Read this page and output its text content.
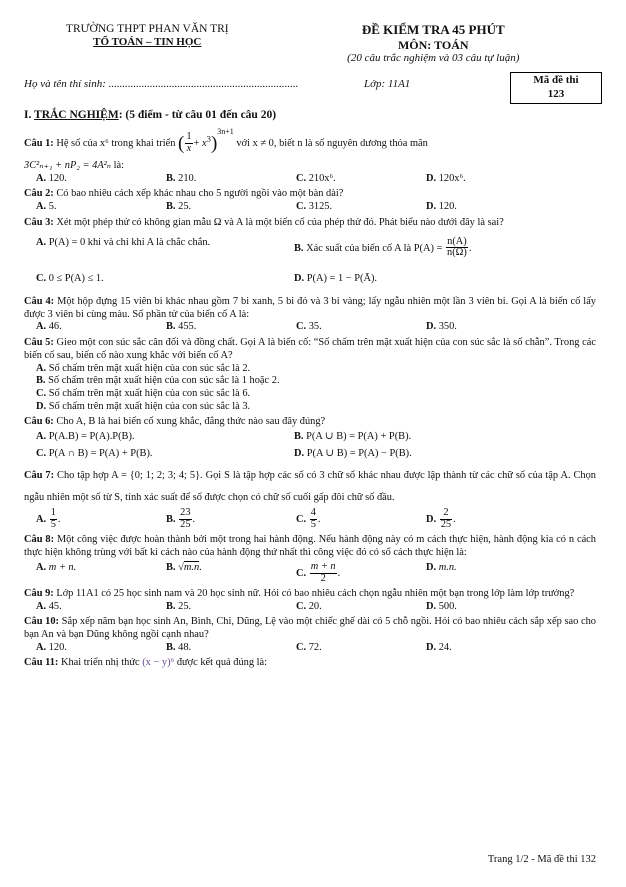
TRƯỜNG THPT PHAN VĂN TRỊ
TỔ TOÁN – TIN HỌC
ĐỀ KIỂM TRA 45 PHÚT
MÔN: TOÁN
(20 câu trắc nghiệm và 03 câu tự luận)
Họ và tên thí sinh: .....................................................................	Lớp: 11A1	Mã đề thi
123
I. TRẮC NGHIỆM: (5 điểm - từ câu 01 đến câu 20)
Câu 1: Hệ số của x⁶ trong khai triển ( $\frac{1}{x} + x^3)^{3n+1}$ với x ≠ 0, biết n là số nguyên dương thỏa mãn
3C²ₙ₊₁ + nP₂ = 4A²ₙ là:
A. 120.	B. 210.	C. 210x⁶.	D. 120x⁶.
Câu 2: Có bao nhiêu cách xếp khác nhau cho 5 người ngồi vào một bàn dài?
A. 5.	B. 25.	C. 3125.	D. 120.
Câu 3: Xét một phép thử có không gian mẫu Ω và A là một biến cố của phép thử đó. Phát biểu nào dưới đây là sai?
A. P(A) = 0 khi và chỉ khi A là chắc chắn.
B. Xác suất của biến cố A là $P(A) = \frac{n(A)}{n(\Omega)}$ .
C. 0 ≤ P(A) ≤ 1.	D. P(A) = 1 − P(Ā).
Câu 4: Một hộp đựng 15 viên bi khác nhau gồm 7 bi xanh, 5 bi đỏ và 3 bi vàng; lấy ngẫu nhiên một lần 3 viên bi. Gọi A là biến cố lấy được 3 viên bi cùng màu. Số phần tử của biến cố A là:
A. 46.	B. 455.	C. 35.	D. 350.
Câu 5: Gieo một con súc sắc cân đối và đồng chất. Gọi A là biến cố: “Số chấm trên mặt xuất hiện của con súc sắc là số chẵn”. Trong các biến cố sau, biến cố nào xung khắc với biến cố A?
A. Số chấm trên mặt xuất hiện của con súc sắc là 2.
B. Số chấm trên mặt xuất hiện của con súc sắc là 1 hoặc 2.
C. Số chấm trên mặt xuất hiện của con súc sắc là 6.
D. Số chấm trên mặt xuất hiện của con súc sắc là 3.
Câu 6: Cho A, B là hai biến cố xung khắc, đẳng thức nào sau đây đúng?
A. P(A.B) = P(A).P(B).	B. P(A ∪ B) = P(A) + P(B).
C. P(A ∩ B) = P(A) + P(B).	D. P(A ∪ B) = P(A) − P(B).
Câu 7: Cho tập hợp A = {0; 1; 2; 3; 4; 5}. Gọi S là tập hợp các số có 3 chữ số khác nhau được lập thành từ các chữ số của tập A. Chọn ngẫu nhiên một số từ S, tính xác suất để số được chọn có chữ số cuối gấp đôi chữ số đầu.
A. $\frac{1}{5}$ .	B. $\frac{23}{25}$ .	C. $\frac{4}{5}$ .	D. $\frac{2}{25}$ .
Câu 8: Một công việc được hoàn thành bởi một trong hai hành động. Nếu hành động này có m cách thực hiện, hành động kia có n cách thực hiện không trùng với bất kì cách nào của hành động thứ nhất thì công việc đó có số cách thực hiện là:
A. m + n.	B. √m.n.
C. $\frac{m + n}{2}$ .
D. m.n.
Câu 9: Lớp 11A1 có 25 học sinh nam và 20 học sinh nữ. Hỏi có bao nhiêu cách chọn ngẫu nhiên một bạn trong lớp làm lớp trưởng?
A. 45.	B. 25.	C. 20.	D. 500.
Câu 10: Sắp xếp năm bạn học sinh An, Bình, Chi, Dũng, Lệ vào một chiếc ghế dài có 5 chỗ ngồi. Hỏi có bao nhiêu cách sắp xếp sao cho bạn An và bạn Dũng không ngồi cạnh nhau?
A. 120.	B. 48.	C. 72.	D. 24.
Câu 11: Khai triển nhị thức (x − y)⁶ được kết quả đúng là:
Trang 1/2 - Mã đề thi 132
